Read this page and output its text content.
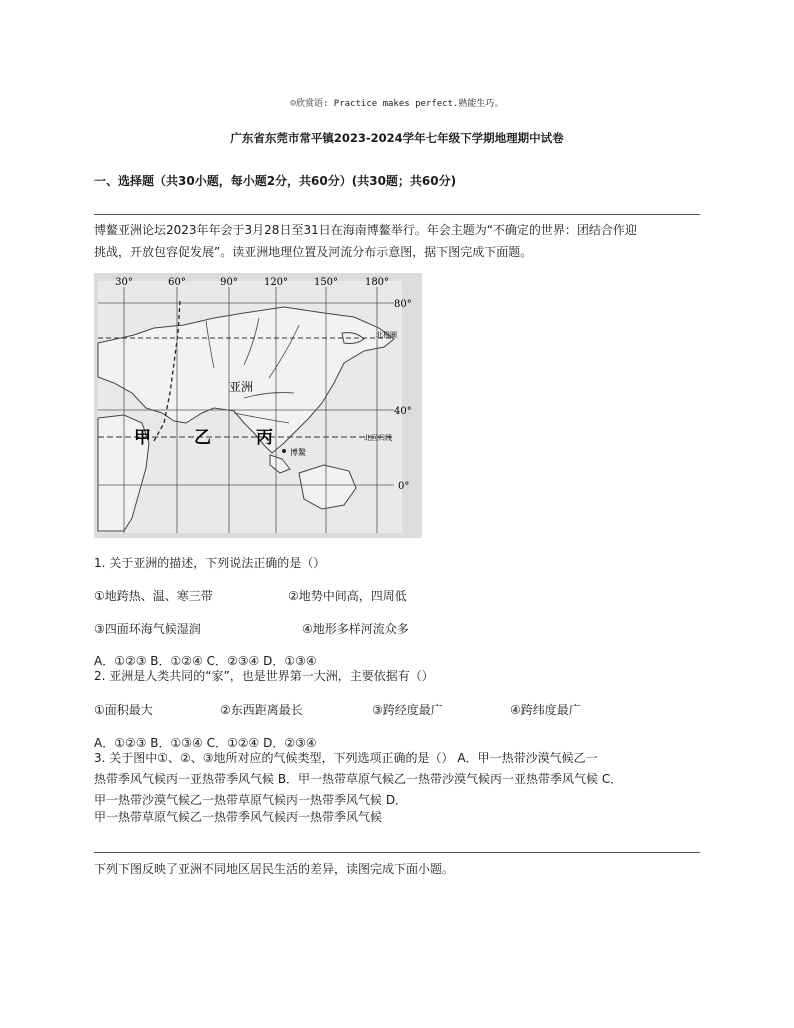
☺欣赏语: Practice makes perfect.熟能生巧。
广东省东莞市常平镇2023-2024学年七年级下学期地理期中试卷
一、选择题（共30小题，每小题2分，共60分）(共30题；共60分)
博鳌亚洲论坛2023年年会于3月28日至31日在海南博鳌举行。年会主题为“不确定的世界：团结合作迎
挑战，开放包容促发展”。读亚洲地理位置及河流分布示意图，据下图完成下面题。
30°	60°	90°	120°	150°	180°
80°
40°
0°
亚洲
北极圈
北回归线
博鳌
甲	乙	丙
1. 关于亚洲的描述，下列说法正确的是（）
①地跨热、温、寒三带	②地势中间高，四周低
③四面环海气候湿润	④地形多样河流众多
A．①②③ B．①②④ C．②③④ D．①③④
2. 亚洲是人类共同的“家”，也是世界第一大洲，主要依据有（）
①面积最大	②东西距离最长	③跨经度最广	④跨纬度最广
A．①②③ B．①③④ C．①②④ D．②③④
3. 关于图中①、②、③地所对应的气候类型，下列选项正确的是（） A．甲一热带沙漠气候乙一
热带季风气候丙一亚热带季风气候 B．甲一热带草原气候乙一热带沙漠气候丙一亚热带季风气候 C．
甲一热带沙漠气候乙一热带草原气候丙一热带季风气候 D．
甲一热带草原气候乙一热带季风气候丙一热带季风气候
下列下图反映了亚洲不同地区居民生活的差异，读图完成下面小题。
